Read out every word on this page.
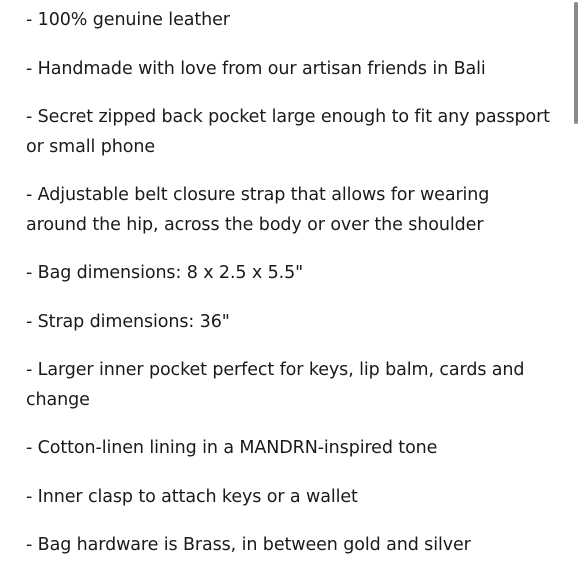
- 100% genuine leather

- Handmade with love from our artisan friends in Bali

- Secret zipped back pocket large enough to fit any passport or small phone

- Adjustable belt closure strap that allows for wearing around the hip, across the body or over the shoulder

- Bag dimensions: 8 x 2.5 x 5.5"

- Strap dimensions: 36"

- Larger inner pocket perfect for keys, lip balm, cards and change

- Cotton-linen lining in a MANDRN-inspired tone

- Inner clasp to attach keys or a wallet

- Bag hardware is Brass, in between gold and silver
